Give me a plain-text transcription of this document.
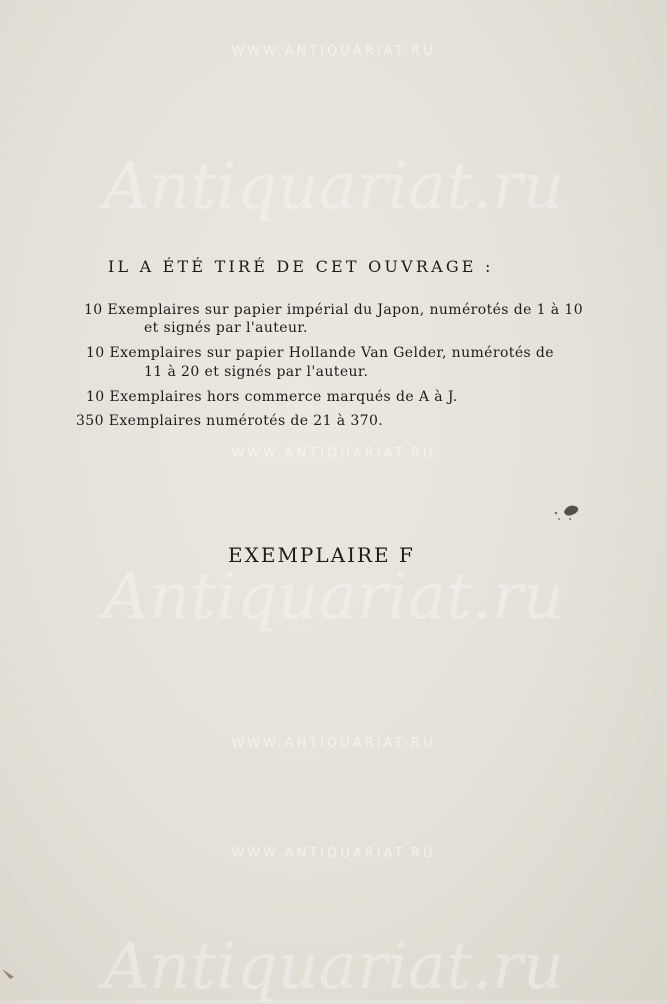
WWW.ANTIQUARIAT.RU
Antiquariat.ru
WWW.ANTIQUARIAT.RU
Antiquariat.ru
WWW.ANTIQUARIAT.RU
WWW.ANTIQUARIAT.RU
Antiquariat.ru
IL A ÉTÉ TIRÉ DE CET OUVRAGE :
10 Exemplaires sur papier impérial du Japon, numérotés de 1 à 10
et signés par l'auteur.
10 Exemplaires sur papier Hollande Van Gelder, numérotés de
11 à 20 et signés par l'auteur.
10 Exemplaires hors commerce marqués de A à J.
350 Exemplaires numérotés de 21 à 370.
EXEMPLAIRE F
